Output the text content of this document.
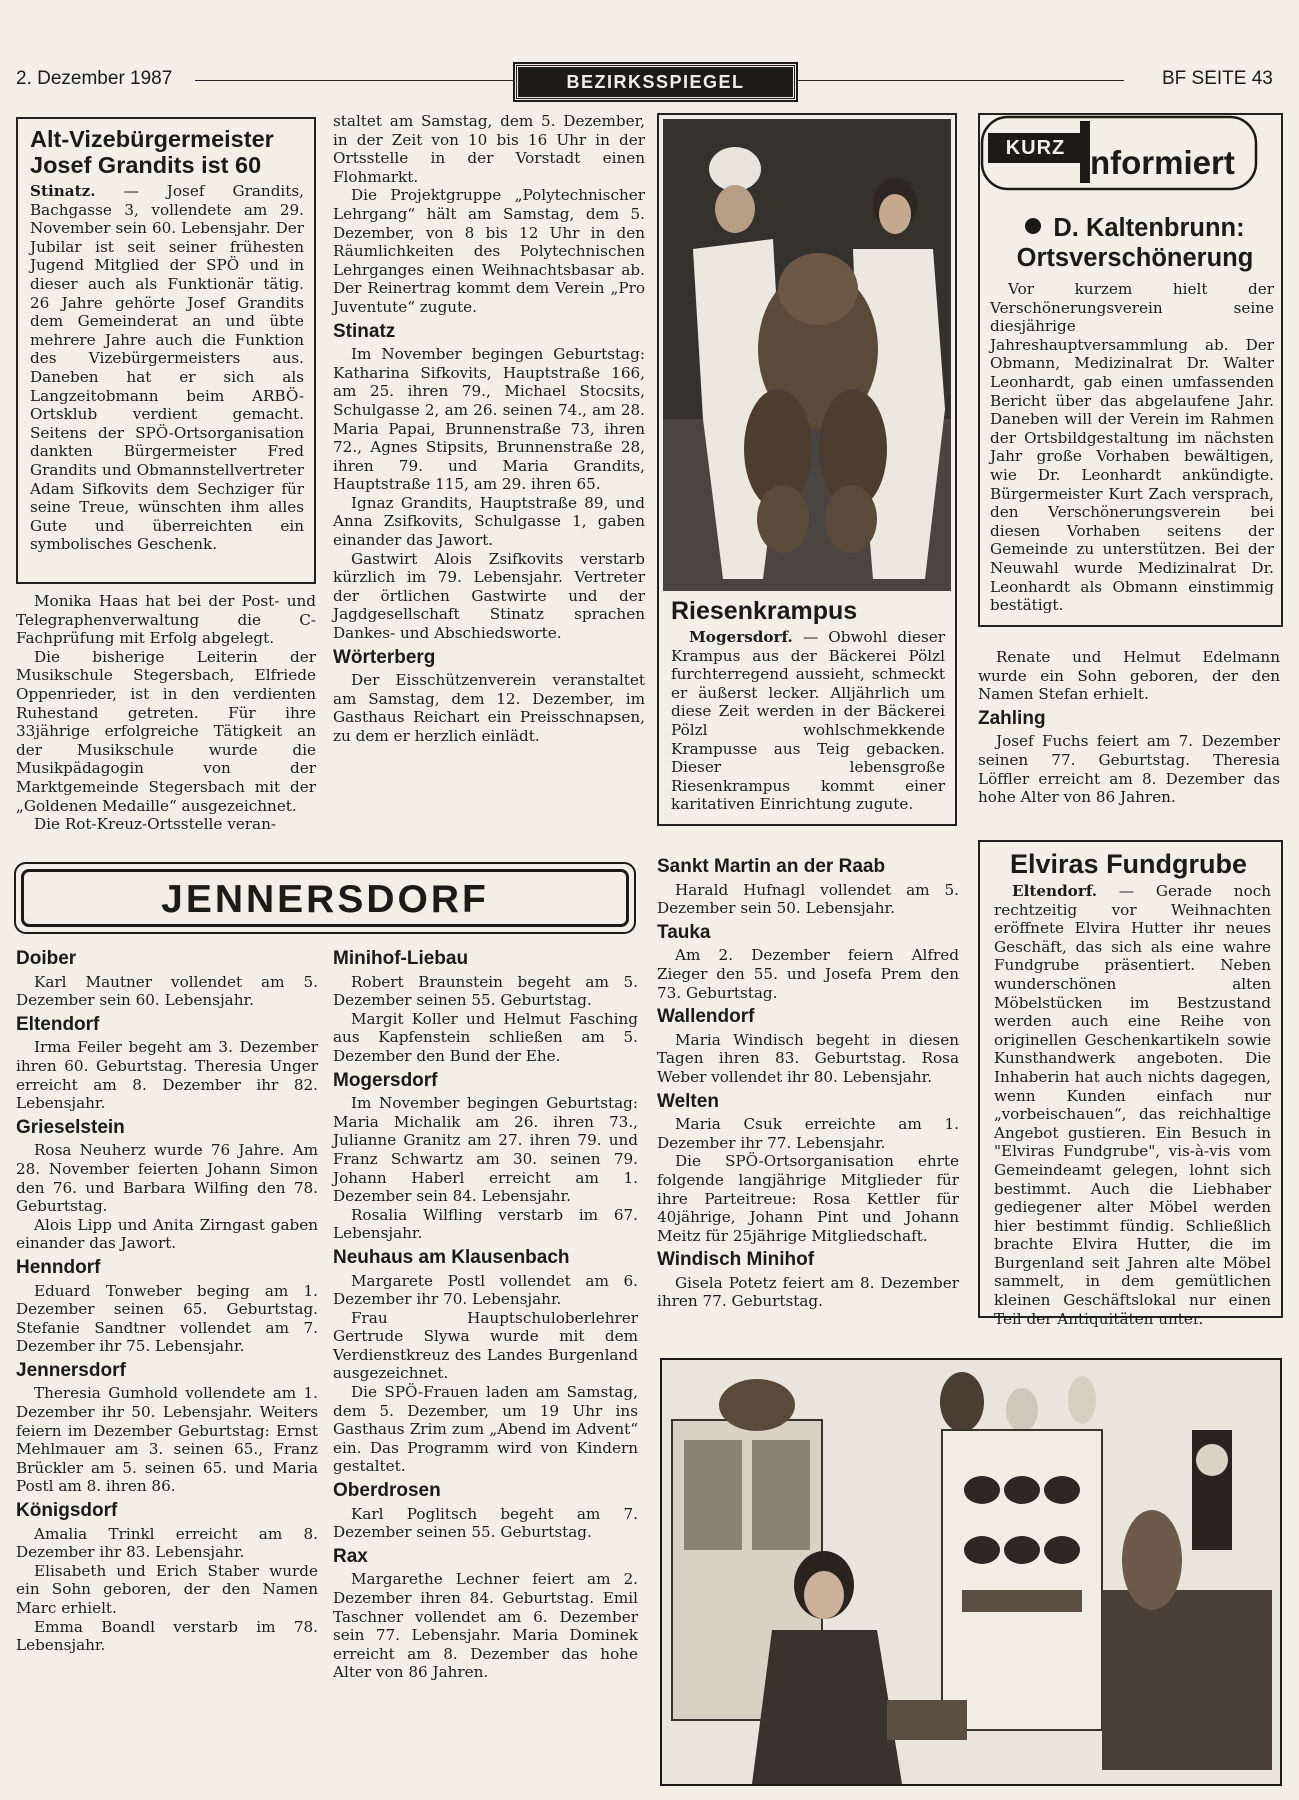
2. Dezember 1987	BEZIRKSSPIEGEL	BF SEITE 43
Alt-Vizebürgermeister Josef Grandits ist 60

Stinatz. — Josef Grandits, Bachgasse 3, vollendete am 29. November sein 60. Lebensjahr. Der Jubilar ist seit seiner frühesten Jugend Mitglied der SPÖ und in dieser auch als Funktionär tätig. 26 Jahre gehörte Josef Grandits dem Gemeinderat an und übte mehrere Jahre auch die Funktion des Vizebürgermeisters aus. Daneben hat er sich als Langzeitobmann beim ARBÖ-Ortsklub verdient gemacht. Seitens der SPÖ-Ortsorganisation dankten Bürgermeister Fred Grandits und Obmannstellvertreter Adam Sifkovits dem Sechziger für seine Treue, wünschten ihm alles Gute und überreichten ein symbolisches Geschenk.

Monika Haas hat bei der Post- und Telegraphenverwaltung die C-Fachprüfung mit Erfolg abgelegt.

Die bisherige Leiterin der Musikschule Stegersbach, Elfriede Oppenrieder, ist in den verdienten Ruhestand getreten. Für ihre 33jährige erfolgreiche Tätigkeit an der Musikschule wurde die Musikpädagogin von der Marktgemeinde Stegersbach mit der „Goldenen Medaille“ ausgezeichnet.

Die Rot-Kreuz-Ortsstelle veran-

staltet am Samstag, dem 5. Dezember, in der Zeit von 10 bis 16 Uhr in der Ortsstelle in der Vorstadt einen Flohmarkt.

Die Projektgruppe „Polytechnischer Lehrgang“ hält am Samstag, dem 5. Dezember, von 8 bis 12 Uhr in den Räumlichkeiten des Polytechnischen Lehrganges einen Weihnachtsbasar ab. Der Reinertrag kommt dem Verein „Pro Juventute“ zugute.

Stinatz

Im November begingen Geburtstag: Katharina Sifkovits, Hauptstraße 166, am 25. ihren 79., Michael Stocsits, Schulgasse 2, am 26. seinen 74., am 28. Maria Papai, Brunnenstraße 73, ihren 72., Agnes Stipsits, Brunnenstraße 28, ihren 79. und Maria Grandits, Hauptstraße 115, am 29. ihren 65.

Ignaz Grandits, Hauptstraße 89, und Anna Zsifkovits, Schulgasse 1, gaben einander das Jawort.

Gastwirt Alois Zsifkovits verstarb kürzlich im 79. Lebensjahr. Vertreter der örtlichen Gastwirte und der Jagdgesellschaft Stinatz sprachen Dankes- und Abschiedsworte.

Wörterberg

Der Eisschützenverein veranstaltet am Samstag, dem 12. Dezember, im Gasthaus Reichart ein Preisschnapsen, zu dem er herzlich einlädt.

Riesenkrampus

Mogersdorf. — Obwohl dieser Krampus aus der Bäckerei Pölzl furchterregend aussieht, schmeckt er äußerst lecker. Alljährlich um diese Zeit werden in der Bäckerei Pölzl wohlschmekkende Krampusse aus Teig gebacken. Dieser lebensgroße Riesenkrampus kommt einer karitativen Einrichtung zugute.

KURZ nformiert
D. Kaltenbrunn: Ortsverschönerung

Vor kurzem hielt der Verschönerungsverein seine diesjährige Jahreshauptversammlung ab. Der Obmann, Medizinalrat Dr. Walter Leonhardt, gab einen umfassenden Bericht über das abgelaufene Jahr. Daneben will der Verein im Rahmen der Ortsbildgestaltung im nächsten Jahr große Vorhaben bewältigen, wie Dr. Leonhardt ankündigte. Bürgermeister Kurt Zach versprach, den Verschönerungsverein bei diesen Vorhaben seitens der Gemeinde zu unterstützen. Bei der Neuwahl wurde Medizinalrat Dr. Leonhardt als Obmann einstimmig bestätigt.

Renate und Helmut Edelmann wurde ein Sohn geboren, der den Namen Stefan erhielt.

Zahling

Josef Fuchs feiert am 7. Dezember seinen 77. Geburtstag. Theresia Löffler erreicht am 8. Dezember das hohe Alter von 86 Jahren.

JENNERSDORF
Doiber

Karl Mautner vollendet am 5. Dezember sein 60. Lebensjahr.

Eltendorf

Irma Feiler begeht am 3. Dezember ihren 60. Geburtstag. Theresia Unger erreicht am 8. Dezember ihr 82. Lebensjahr.

Grieselstein

Rosa Neuherz wurde 76 Jahre. Am 28. November feierten Johann Simon den 76. und Barbara Wilfing den 78. Geburtstag.

Alois Lipp und Anita Zirngast gaben einander das Jawort.

Henndorf

Eduard Tonweber beging am 1. Dezember seinen 65. Geburtstag. Stefanie Sandtner vollendet am 7. Dezember ihr 75. Lebensjahr.

Jennersdorf

Theresia Gumhold vollendete am 1. Dezember ihr 50. Lebensjahr. Weiters feiern im Dezember Geburtstag: Ernst Mehlmauer am 3. seinen 65., Franz Brückler am 5. seinen 65. und Maria Postl am 8. ihren 86.

Königsdorf

Amalia Trinkl erreicht am 8. Dezember ihr 83. Lebensjahr.

Elisabeth und Erich Staber wurde ein Sohn geboren, der den Namen Marc erhielt.

Emma Boandl verstarb im 78. Lebensjahr.

Minihof-Liebau

Robert Braunstein begeht am 5. Dezember seinen 55. Geburtstag.

Margit Koller und Helmut Fasching aus Kapfenstein schließen am 5. Dezember den Bund der Ehe.

Mogersdorf

Im November begingen Geburtstag: Maria Michalik am 26. ihren 73., Julianne Granitz am 27. ihren 79. und Franz Schwartz am 30. seinen 79. Johann Haberl erreicht am 1. Dezember sein 84. Lebensjahr.

Rosalia Wilfling verstarb im 67. Lebensjahr.

Neuhaus am Klausenbach

Margarete Postl vollendet am 6. Dezember ihr 70. Lebensjahr.

Frau Hauptschuloberlehrer Gertrude Slywa wurde mit dem Verdienstkreuz des Landes Burgenland ausgezeichnet.

Die SPÖ-Frauen laden am Samstag, dem 5. Dezember, um 19 Uhr ins Gasthaus Zrim zum „Abend im Advent“ ein. Das Programm wird von Kindern gestaltet.

Oberdrosen

Karl Poglitsch begeht am 7. Dezember seinen 55. Geburtstag.

Rax

Margarethe Lechner feiert am 2. Dezember ihren 84. Geburtstag. Emil Taschner vollendet am 6. Dezember sein 77. Lebensjahr. Maria Dominek erreicht am 8. Dezember das hohe Alter von 86 Jahren.

Sankt Martin an der Raab

Harald Hufnagl vollendet am 5. Dezember sein 50. Lebensjahr.

Tauka

Am 2. Dezember feiern Alfred Zieger den 55. und Josefa Prem den 73. Geburtstag.

Wallendorf

Maria Windisch begeht in diesen Tagen ihren 83. Geburtstag. Rosa Weber vollendet ihr 80. Lebensjahr.

Welten

Maria Csuk erreichte am 1. Dezember ihr 77. Lebensjahr.

Die SPÖ-Ortsorganisation ehrte folgende langjährige Mitglieder für ihre Parteitreue: Rosa Kettler für 40jährige, Johann Pint und Johann Meitz für 25jährige Mitgliedschaft.

Windisch Minihof

Gisela Potetz feiert am 8. Dezember ihren 77. Geburtstag.

Elviras Fundgrube

Eltendorf. — Gerade noch rechtzeitig vor Weihnachten eröffnete Elvira Hutter ihr neues Geschäft, das sich als eine wahre Fundgrube präsentiert. Neben wunderschönen alten Möbelstücken im Bestzustand werden auch eine Reihe von originellen Geschenkartikeln sowie Kunsthandwerk angeboten. Die Inhaberin hat auch nichts dagegen, wenn Kunden einfach nur „vorbeischauen“, das reichhaltige Angebot gustieren. Ein Besuch in "Elviras Fundgrube", vis-à-vis vom Gemeindeamt gelegen, lohnt sich bestimmt. Auch die Liebhaber gediegener alter Möbel werden hier bestimmt fündig. Schließlich brachte Elvira Hutter, die im Burgenland seit Jahren alte Möbel sammelt, in dem gemütlichen kleinen Geschäftslokal nur einen Teil der Antiquitäten unter.
